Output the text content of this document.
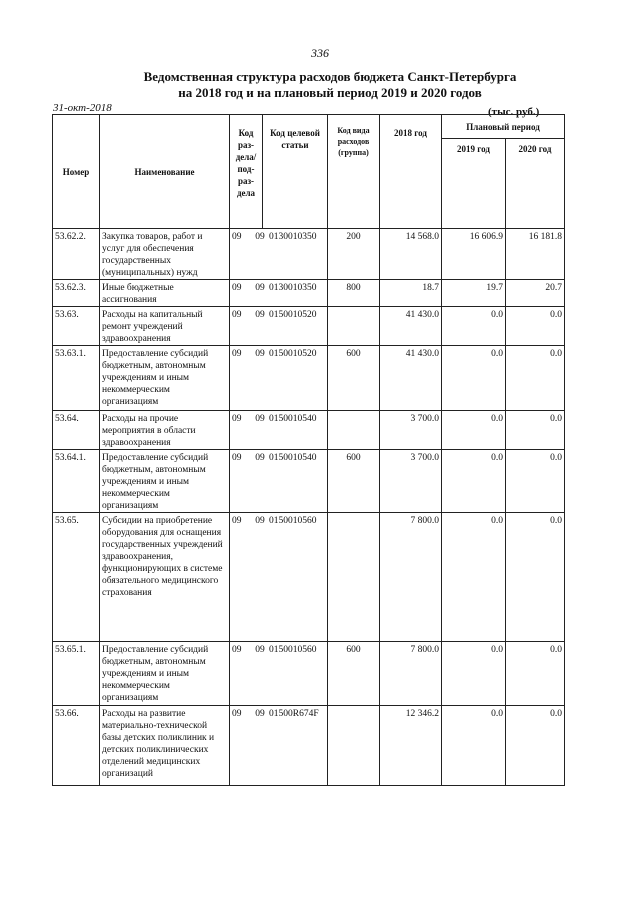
336
Ведомственная структура расходов бюджета Санкт-Петербурга
на 2018 год и на плановый период 2019 и 2020 годов
31-окт-2018	(тыс. руб.)
Номер	Наименование	Код раз-дела/ под-раз-дела	Код целевой статьи	Код вида расходов (группа)	2018 год	Плановый период	
						2019 год	2020 год
53.62.2.	Закупка товаров, работ и услуг для обеспечения государственных (муниципальных) нужд	09 09 0130010350		200	14 568.0	16 606.9	16 181.8
53.62.3.	Иные бюджетные ассигнования	09 09 0130010350		800	18.7	19.7	20.7
53.63.	Расходы на капитальный ремонт учреждений здравоохранения	09 09 0150010520			41 430.0	0.0	0.0
53.63.1.	Предоставление субсидий бюджетным, автономным учреждениям и иным некоммерческим организациям	09 09 0150010520		600	41 430.0	0.0	0.0
53.64.	Расходы на прочие мероприятия в области здравоохранения	09 09 0150010540			3 700.0	0.0	0.0
53.64.1.	Предоставление субсидий бюджетным, автономным учреждениям и иным некоммерческим организациям	09 09 0150010540		600	3 700.0	0.0	0.0
53.65.	Субсидии на приобретение оборудования для оснащения государственных учреждений здравоохранения, функционирующих в системе обязательного медицинского страхования	09 09 0150010560			7 800.0	0.0	0.0
53.65.1.	Предоставление субсидий бюджетным, автономным учреждениям и иным некоммерческим организациям	09 09 0150010560		600	7 800.0	0.0	0.0
53.66.	Расходы на развитие материально-технической базы детских поликлиник и детских поликлинических отделений медицинских организаций	09 09 01500R674F			12 346.2	0.0	0.0
